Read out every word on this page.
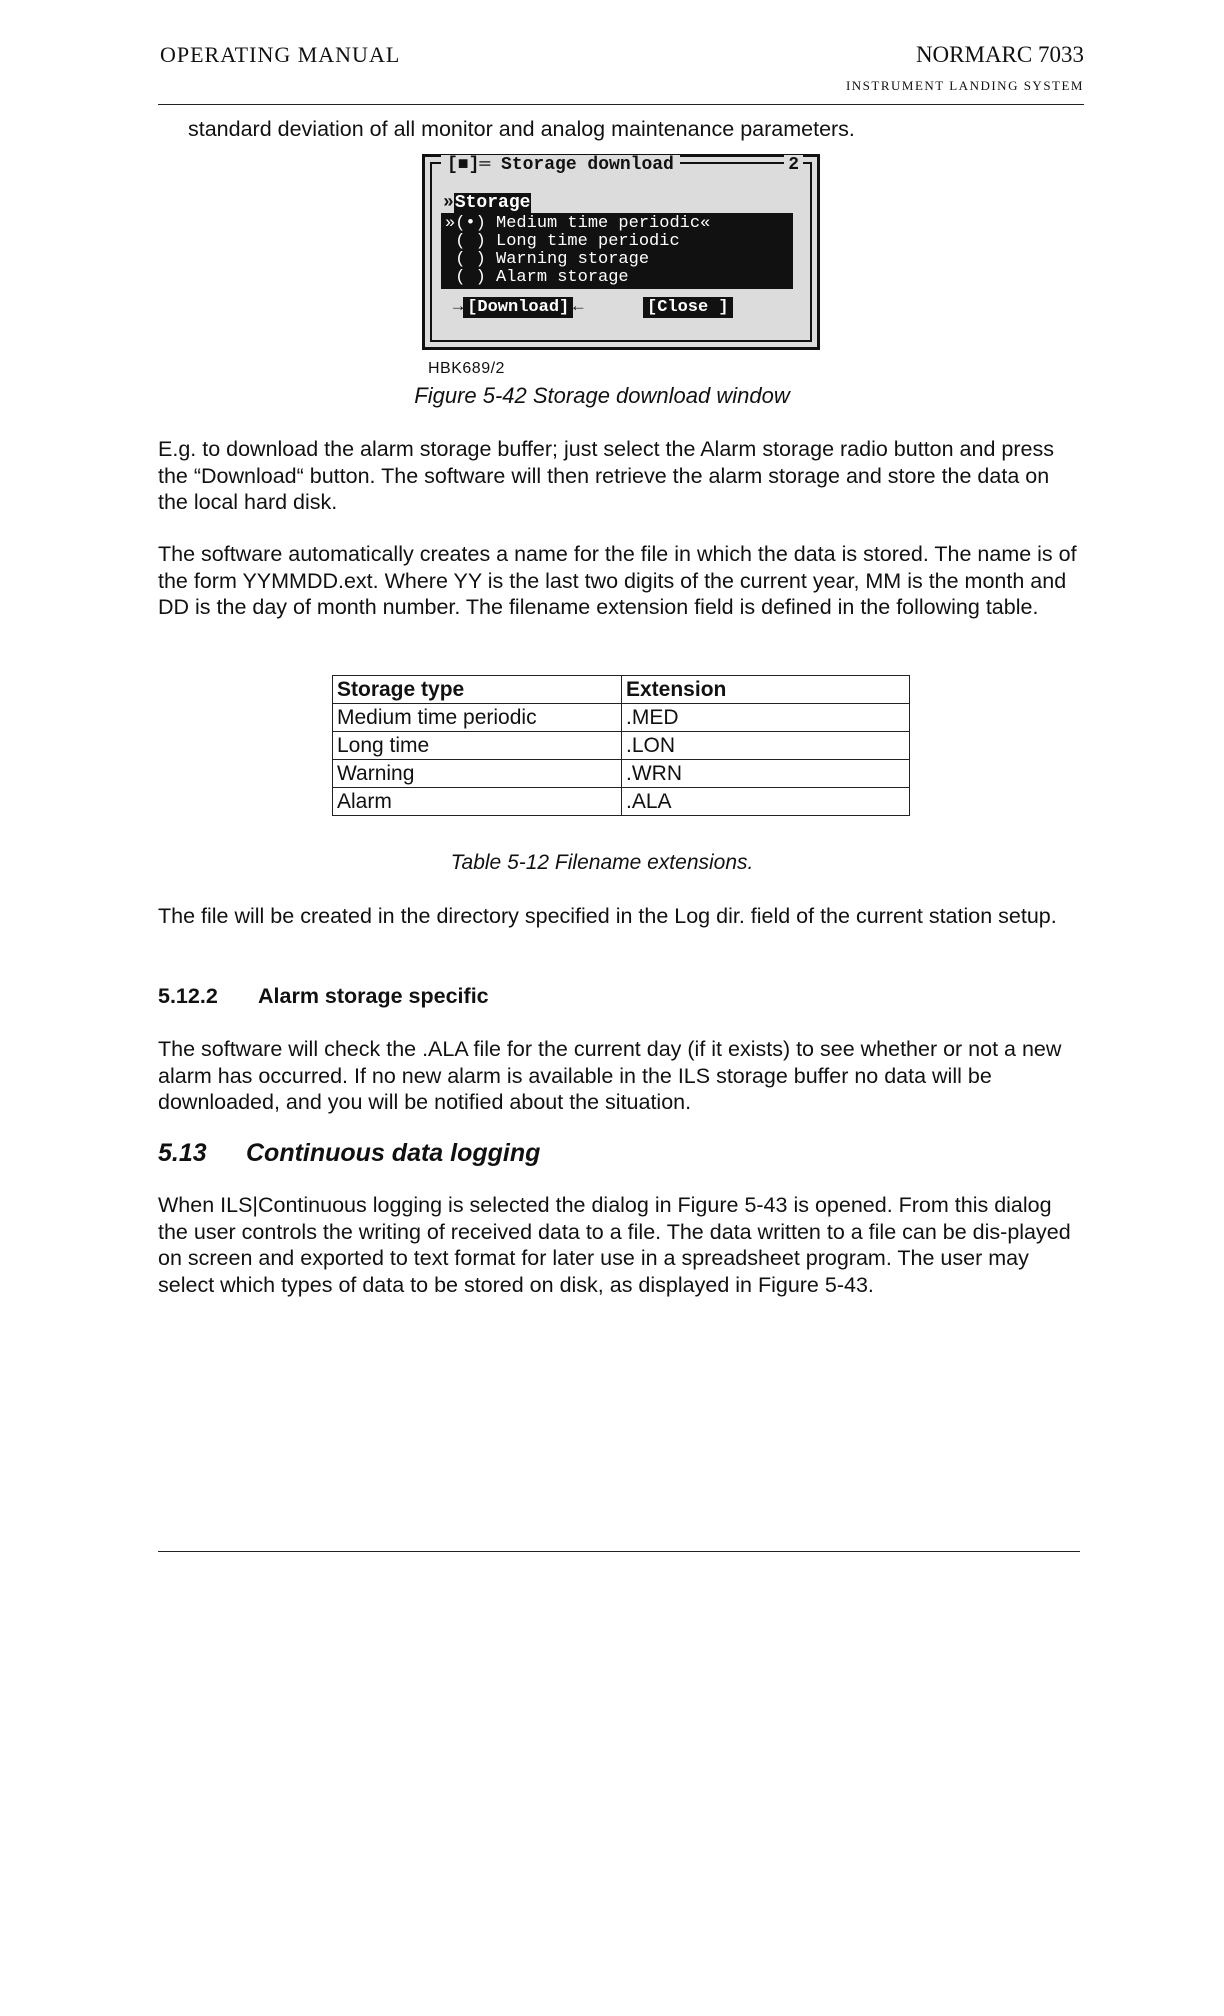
OPERATING MANUAL	NORMARC 7033
INSTRUMENT LANDING SYSTEM

standard deviation of all monitor and analog maintenance parameters.

[■]═ Storage download	2
»Storage
»(•) Medium time periodic«
( ) Long time periodic
( ) Warning storage
( ) Alarm storage
→ [Download] ←	[Close ]
HBK689/2
Figure 5-42 Storage download window

E.g. to download the alarm storage buffer; just select the Alarm storage radio button and press the “Download“ button. The software will then retrieve the alarm storage and store the data on the local hard disk.

The software automatically creates a name for the file in which the data is stored. The name is of the form YYMMDD.ext. Where YY is the last two digits of the current year, MM is the month and DD is the day of month number. The filename extension field is defined in the following table.

Storage type	Extension
Medium time periodic	.MED
Long time	.LON
Warning	.WRN
Alarm	.ALA
Table 5-12 Filename extensions.

The file will be created in the directory specified in the Log dir. field of the current station setup.

5.12.2 Alarm storage specific

The software will check the .ALA file for the current day (if it exists) to see whether or not a new alarm has occurred. If no new alarm is available in the ILS storage buffer no data will be downloaded, and you will be notified about the situation.

5.13 Continuous data logging

When ILS|Continuous logging is selected the dialog in Figure 5-43 is opened. From this dialog the user controls the writing of received data to a file. The data written to a file can be dis-played on screen and exported to text format for later use in a spreadsheet program. The user may select which types of data to be stored on disk, as displayed in Figure 5-43.
